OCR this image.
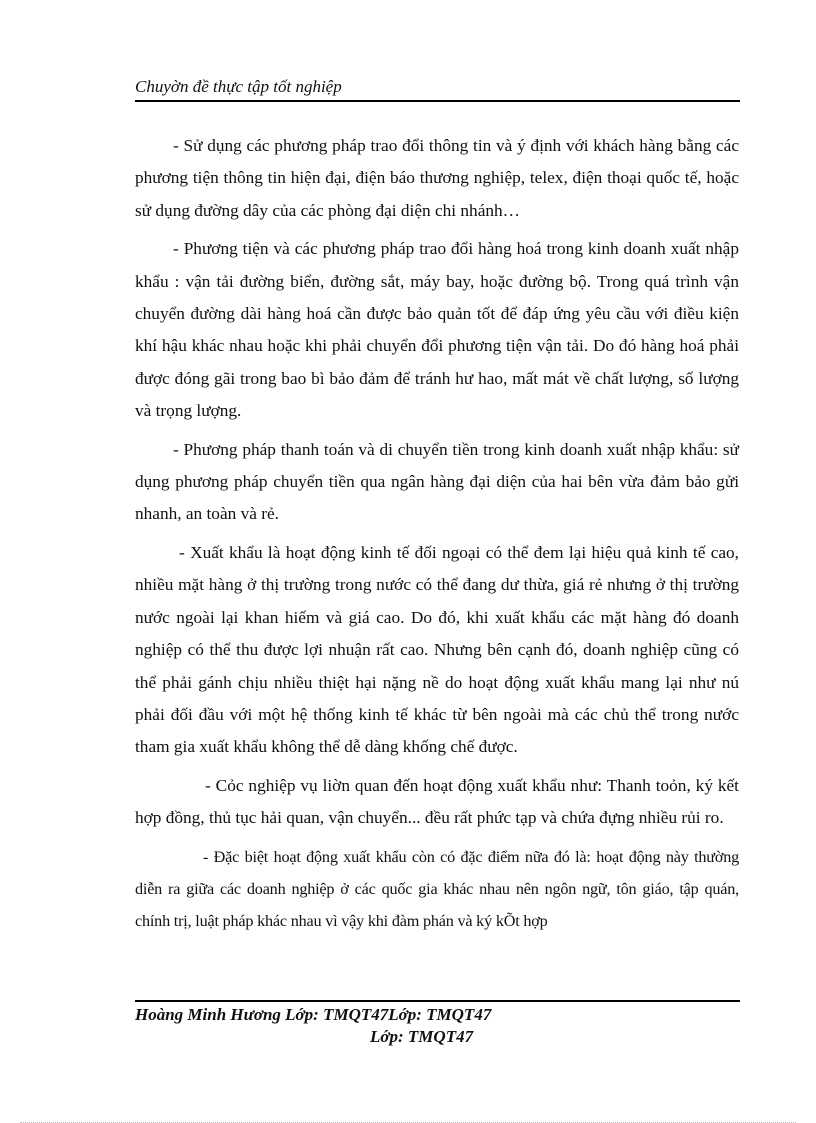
Chuyờn đề thực tập tốt nghiệp

- Sử dụng các phương pháp trao đổi thông tin và ý định với khách hàng bằng các phương tiện thông tin hiện đại, điện báo thương nghiệp, telex, điện thoại quốc tế, hoặc sử dụng đường dây của các phòng đại diện chi nhánh…

- Phương tiện và các phương pháp trao đổi hàng hoá trong kinh doanh xuất nhập khẩu : vận tải đường biển, đường sắt, máy bay, hoặc đường bộ. Trong quá trình vận chuyển đường dài hàng hoá cần được bảo quản tốt để đáp ứng yêu cầu với điều kiện khí hậu khác nhau hoặc khi phải chuyển đổi phương tiện vận tải. Do đó hàng hoá phải được đóng gãi trong bao bì bảo đảm để tránh hư hao, mất mát về chất lượng, số lượng và trọng lượng.

- Phương pháp thanh toán và di chuyển tiền trong kinh doanh xuất nhập khẩu: sử dụng phương pháp chuyển tiền qua ngân hàng đại diện của hai bên vừa đảm bảo gửi nhanh, an toàn và rẻ.

- Xuất khẩu là hoạt động kinh tế đối ngoại có thể đem lại hiệu quả kinh tế cao, nhiều mặt hàng ở thị trường trong nước có thể đang dư thừa, giá rẻ nhưng ở thị trường nước ngoài lại khan hiếm và giá cao. Do đó, khi xuất khẩu các mặt hàng đó doanh nghiệp có thể thu được lợi nhuận rất cao. Nhưng bên cạnh đó, doanh nghiệp cũng có thể phải gánh chịu nhiều thiệt hại nặng nề do hoạt động xuất khẩu mang lại như nú phải đối đầu với một hệ thống kinh tế khác từ bên ngoài mà các chủ thể trong nước tham gia xuất khẩu không thể dễ dàng khống chế được.

- Cỏc nghiệp vụ liờn quan đến hoạt động xuất khẩu như: Thanh toỏn, ký kết hợp đồng, thủ tục hải quan, vận chuyển... đều rất phức tạp và chứa đựng nhiều rủi ro.

- Đặc biệt hoạt động xuất khẩu còn có đặc điểm nữa đó là: hoạt động này thường diễn ra giữa các doanh nghiệp ở các quốc gia khác nhau nên ngôn ngữ, tôn giáo, tập quán, chính trị, luật pháp khác nhau vì vậy khi đàm phán và ký kÕt hợp

Hoàng Minh Hương Lớp: TMQT47Lớp: TMQT47
Lớp: TMQT47
